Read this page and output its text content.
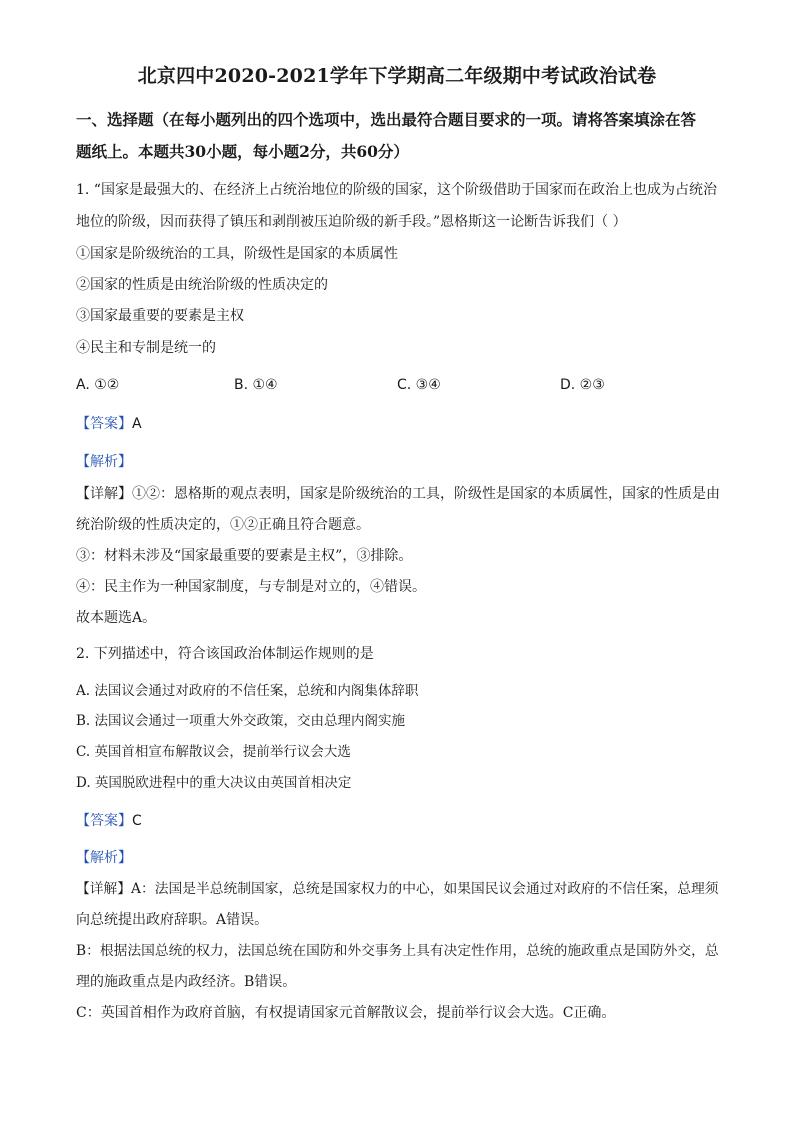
北京四中2020-2021学年下学期高二年级期中考试政治试卷
一、选择题（在每小题列出的四个选项中，选出最符合题目要求的一项。请将答案填涂在答
题纸上。本题共30小题，每小题2分，共60分）
1. “国家是最强大的、在经济上占统治地位的阶级的国家，这个阶级借助于国家而在政治上也成为占统治
地位的阶级，因而获得了镇压和剥削被压迫阶级的新手段。”恩格斯这一论断告诉我们（ ）
①国家是阶级统治的工具，阶级性是国家的本质属性
②国家的性质是由统治阶级的性质决定的
③国家最重要的要素是主权
④民主和专制是统一的
A. ①②	B. ①④	C. ③④	D. ②③
【答案】A
【解析】
【详解】①②：恩格斯的观点表明，国家是阶级统治的工具，阶级性是国家的本质属性，国家的性质是由
统治阶级的性质决定的，①②正确且符合题意。
③：材料未涉及“国家最重要的要素是主权”，③排除。
④：民主作为一种国家制度，与专制是对立的，④错误。
故本题选A。
2. 下列描述中，符合该国政治体制运作规则的是
A. 法国议会通过对政府的不信任案，总统和内阁集体辞职
B. 法国议会通过一项重大外交政策，交由总理内阁实施
C. 英国首相宣布解散议会，提前举行议会大选
D. 英国脱欧进程中的重大决议由英国首相决定
【答案】C
【解析】
【详解】A：法国是半总统制国家，总统是国家权力的中心，如果国民议会通过对政府的不信任案，总理须
向总统提出政府辞职。A错误。
B：根据法国总统的权力，法国总统在国防和外交事务上具有决定性作用，总统的施政重点是国防外交，总
理的施政重点是内政经济。B错误。
C：英国首相作为政府首脑，有权提请国家元首解散议会，提前举行议会大选。C正确。
